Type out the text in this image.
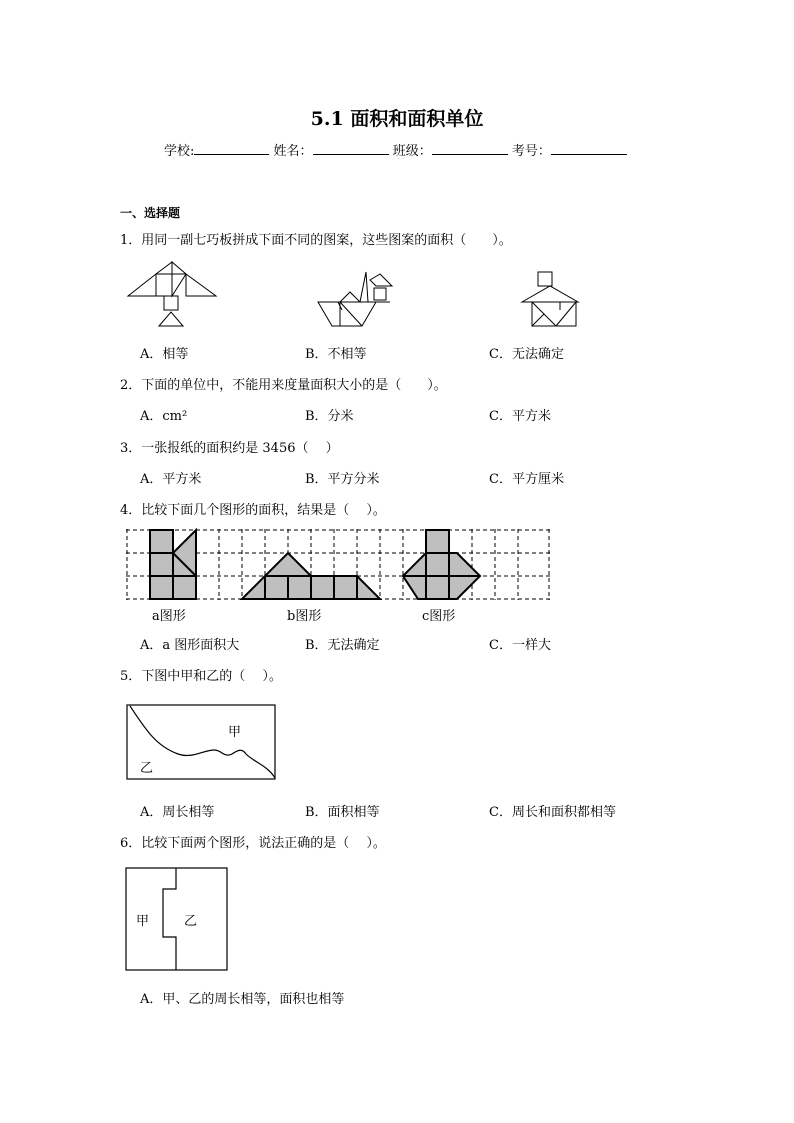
5.1 面积和面积单位
学校:	姓名：	班级：	考号：
一、选择题
1．用同一副七巧板拼成下面不同的图案，这些图案的面积（　　）。
A．相等	B．不相等	C．无法确定
2．下面的单位中，不能用来度量面积大小的是（　　）。
A．cm²	B．分米	C．平方米
3．一张报纸的面积约是 3456（　 ）
A．平方米	B．平方分米	C．平方厘米
4．比较下面几个图形的面积，结果是（　 ）。
a图形	b图形	c图形
A．a 图形面积大	B．无法确定	C．一样大
5．下图中甲和乙的（　 ）。
甲
乙
A．周长相等	B．面积相等	C．周长和面积都相等
6．比较下面两个图形，说法正确的是（　 ）。
甲	乙
A．甲、乙的周长相等，面积也相等
